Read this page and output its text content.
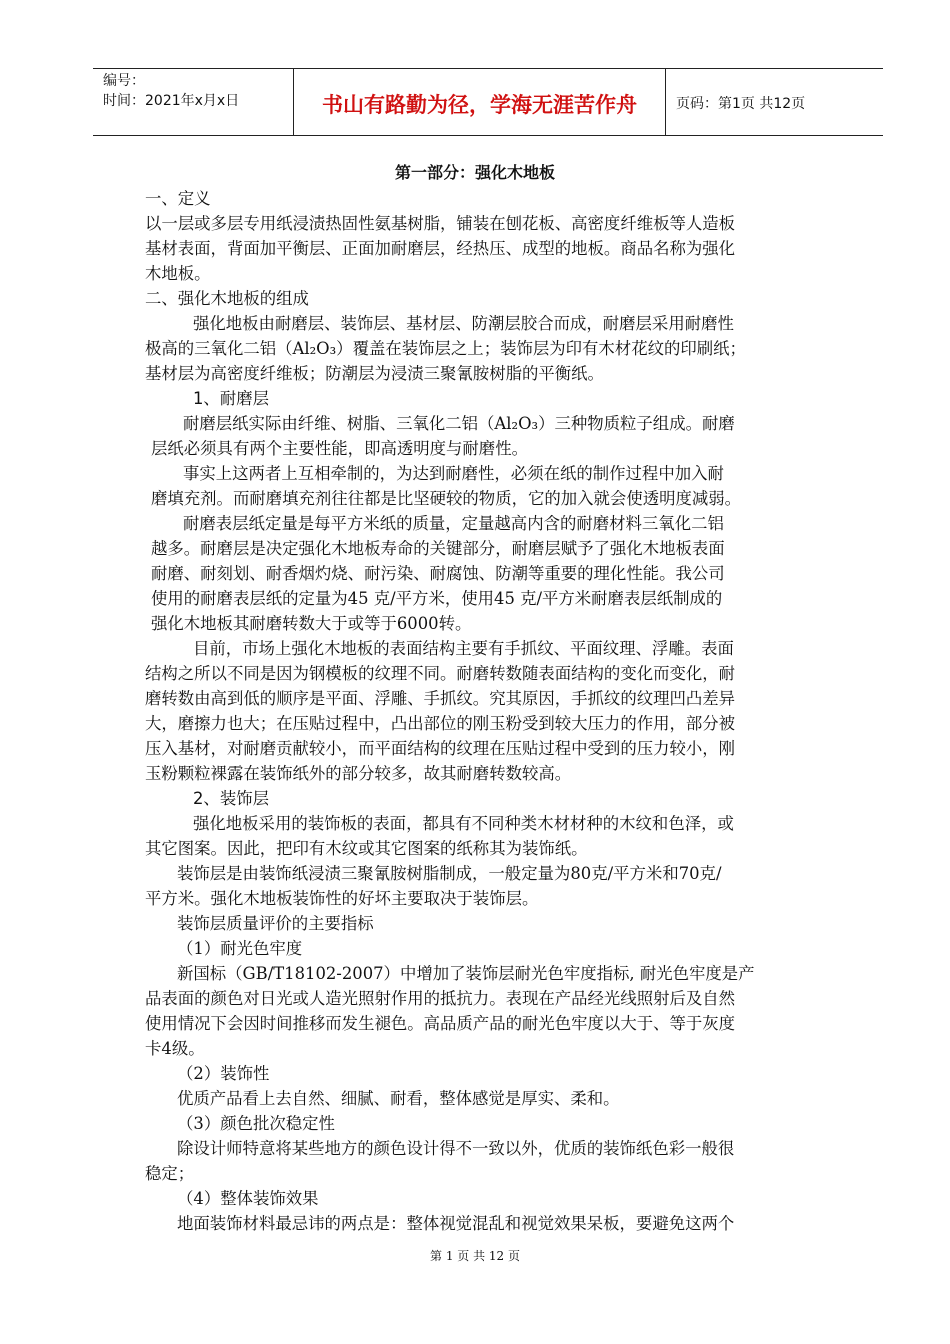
编号：
时间：2021年x月x日	书山有路勤为径，学海无涯苦作舟	页码：第1页 共12页
第一部分：强化木地板
一、定义
以一层或多层专用纸浸渍热固性氨基树脂，铺装在刨花板、高密度纤维板等人造板
基材表面，背面加平衡层、正面加耐磨层，经热压、成型的地板。商品名称为强化
木地板。
二、强化木地板的组成
强化地板由耐磨层、装饰层、基材层、防潮层胶合而成，耐磨层采用耐磨性
极高的三氧化二铝（Al₂O₃）覆盖在装饰层之上；装饰层为印有木材花纹的印刷纸；
基材层为高密度纤维板；防潮层为浸渍三聚氰胺树脂的平衡纸。
1、耐磨层
耐磨层纸实际由纤维、树脂、三氧化二铝（Al₂O₃）三种物质粒子组成。耐磨
层纸必须具有两个主要性能，即高透明度与耐磨性。
事实上这两者上互相牵制的，为达到耐磨性，必须在纸的制作过程中加入耐
磨填充剂。而耐磨填充剂往往都是比坚硬较的物质，它的加入就会使透明度减弱。
耐磨表层纸定量是每平方米纸的质量，定量越高内含的耐磨材料三氧化二铝
越多。耐磨层是决定强化木地板寿命的关键部分，耐磨层赋予了强化木地板表面
耐磨、耐刻划、耐香烟灼烧、耐污染、耐腐蚀、防潮等重要的理化性能。我公司
使用的耐磨表层纸的定量为45 克/平方米，使用45 克/平方米耐磨表层纸制成的
强化木地板其耐磨转数大于或等于6000转。
目前，市场上强化木地板的表面结构主要有手抓纹、平面纹理、浮雕。表面
结构之所以不同是因为钢模板的纹理不同。耐磨转数随表面结构的变化而变化，耐
磨转数由高到低的顺序是平面、浮雕、手抓纹。究其原因，手抓纹的纹理凹凸差异
大，磨擦力也大；在压贴过程中，凸出部位的刚玉粉受到较大压力的作用，部分被
压入基材，对耐磨贡献较小，而平面结构的纹理在压贴过程中受到的压力较小，刚
玉粉颗粒裸露在装饰纸外的部分较多，故其耐磨转数较高。
2、装饰层
强化地板采用的装饰板的表面，都具有不同种类木材材种的木纹和色泽，或
其它图案。因此，把印有木纹或其它图案的纸称其为装饰纸。
装饰层是由装饰纸浸渍三聚氰胺树脂制成，一般定量为80克/平方米和70克/
平方米。强化木地板装饰性的好坏主要取决于装饰层。
装饰层质量评价的主要指标
（1）耐光色牢度
新国标（GB/T18102-2007）中增加了装饰层耐光色牢度指标, 耐光色牢度是产
品表面的颜色对日光或人造光照射作用的抵抗力。表现在产品经光线照射后及自然
使用情况下会因时间推移而发生褪色。高品质产品的耐光色牢度以大于、等于灰度
卡4级。
（2）装饰性
优质产品看上去自然、细腻、耐看，整体感觉是厚实、柔和。
（3）颜色批次稳定性
除设计师特意将某些地方的颜色设计得不一致以外，优质的装饰纸色彩一般很
稳定；
（4）整体装饰效果
地面装饰材料最忌讳的两点是：整体视觉混乱和视觉效果呆板，要避免这两个
第 1 页 共 12 页
